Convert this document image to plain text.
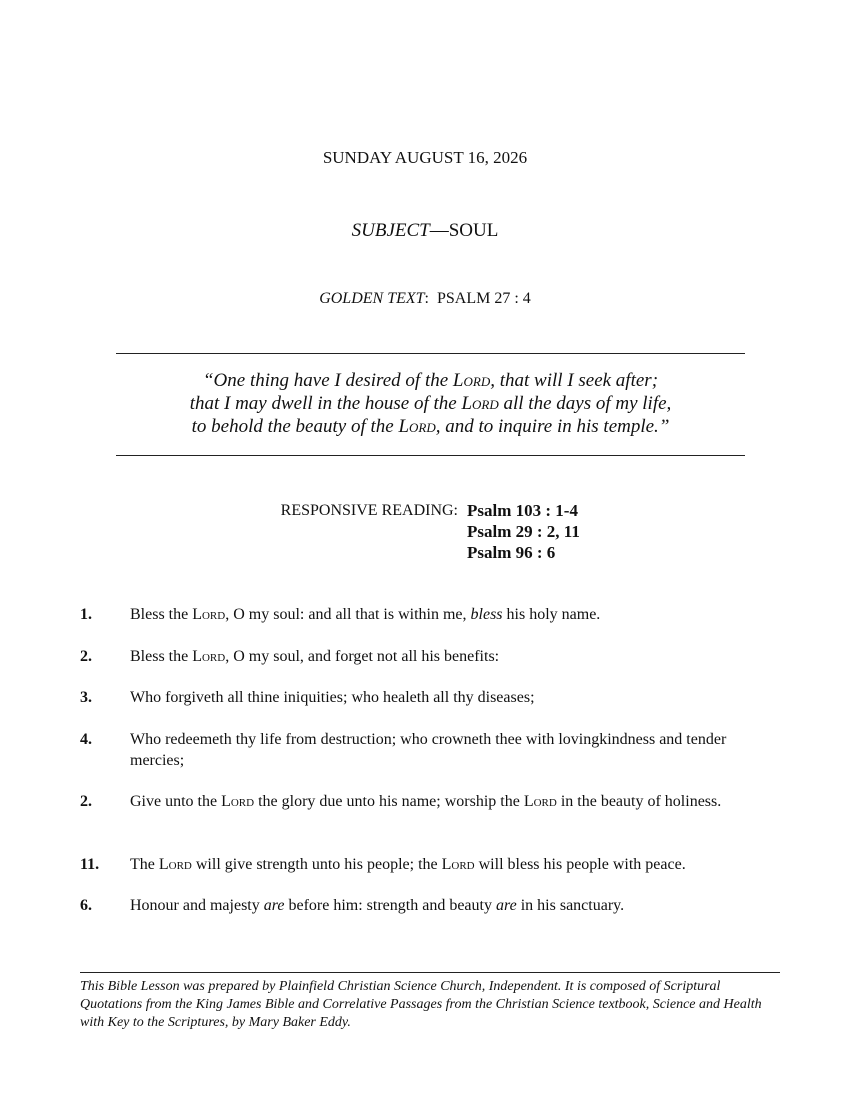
SUNDAY AUGUST 16, 2026
SUBJECT—SOUL
GOLDEN TEXT: PSALM 27 : 4
“One thing have I desired of the Lord, that will I seek after;
that I may dwell in the house of the Lord all the days of my life,
to behold the beauty of the Lord, and to inquire in his temple.”
RESPONSIVE READING: Psalm 103 : 1-4
Psalm 29 : 2, 11
Psalm 96 : 6
1. Bless the Lord, O my soul: and all that is within me, bless his holy name.
2. Bless the Lord, O my soul, and forget not all his benefits:
3. Who forgiveth all thine iniquities; who healeth all thy diseases;
4. Who redeemeth thy life from destruction; who crowneth thee with lovingkindness and tender mercies;
2. Give unto the Lord the glory due unto his name; worship the Lord in the beauty of holiness.
11. The Lord will give strength unto his people; the Lord will bless his people with peace.
6. Honour and majesty are before him: strength and beauty are in his sanctuary.
This Bible Lesson was prepared by Plainfield Christian Science Church, Independent. It is composed of Scriptural Quotations from the King James Bible and Correlative Passages from the Christian Science textbook, Science and Health with Key to the Scriptures, by Mary Baker Eddy.
